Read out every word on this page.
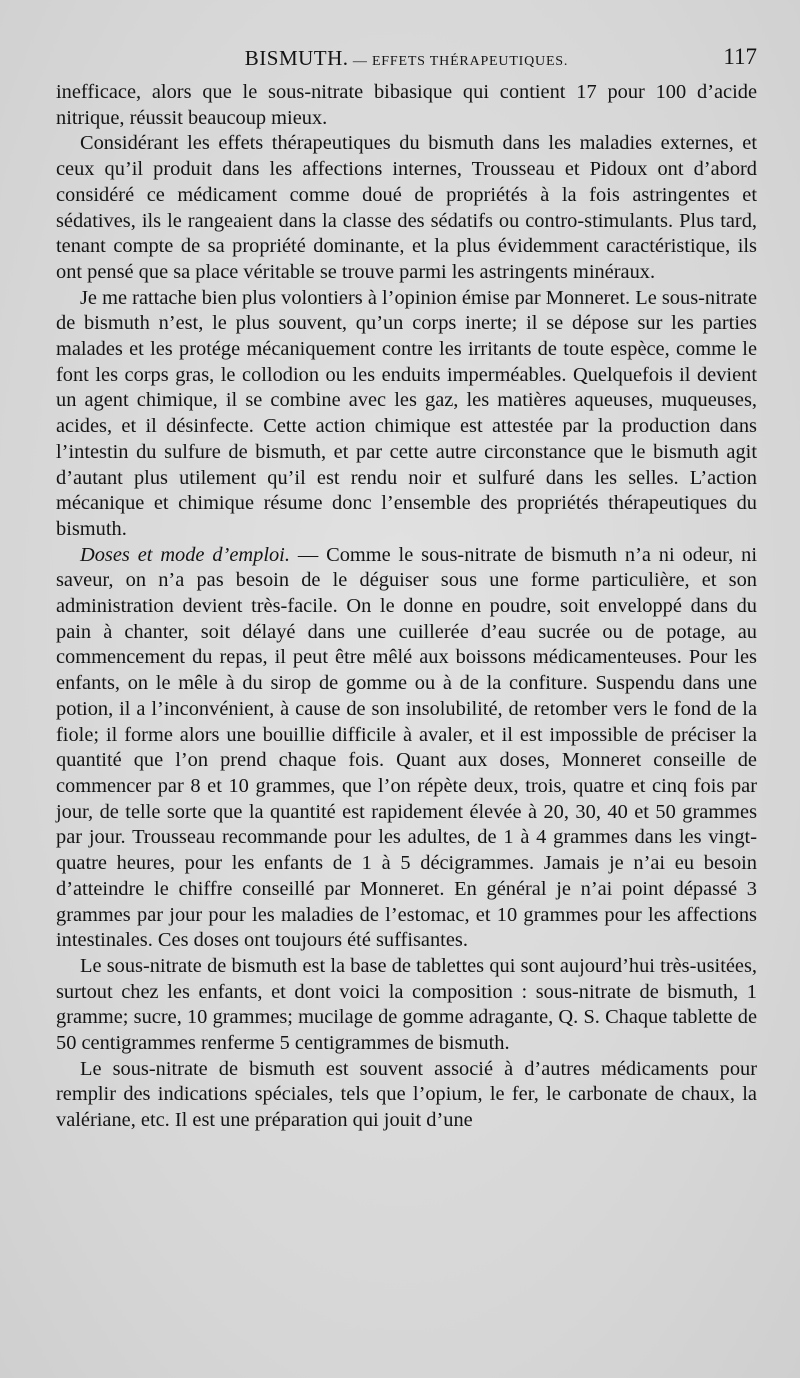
BISMUTH. — EFFETS THÉRAPEUTIQUES.	117

inefficace, alors que le sous-nitrate bibasique qui contient 17 pour 100 d’acide nitrique, réussit beaucoup mieux.

Considérant les effets thérapeutiques du bismuth dans les maladies externes, et ceux qu’il produit dans les affections internes, Trousseau et Pidoux ont d’abord considéré ce médicament comme doué de propriétés à la fois astringentes et sédatives, ils le rangeaient dans la classe des sédatifs ou contro-stimulants. Plus tard, tenant compte de sa propriété dominante, et la plus évidemment caractéristique, ils ont pensé que sa place véritable se trouve parmi les astringents minéraux.

Je me rattache bien plus volontiers à l’opinion émise par Monneret. Le sous-nitrate de bismuth n’est, le plus souvent, qu’un corps inerte; il se dépose sur les parties malades et les protége mécaniquement contre les irritants de toute espèce, comme le font les corps gras, le collodion ou les enduits imperméables. Quelquefois il devient un agent chimique, il se combine avec les gaz, les matières aqueuses, muqueuses, acides, et il désinfecte. Cette action chimique est attestée par la production dans l’intestin du sulfure de bismuth, et par cette autre circonstance que le bismuth agit d’autant plus utilement qu’il est rendu noir et sulfuré dans les selles. L’action mécanique et chimique résume donc l’ensemble des propriétés thérapeutiques du bismuth.

Doses et mode d’emploi. — Comme le sous-nitrate de bismuth n’a ni odeur, ni saveur, on n’a pas besoin de le déguiser sous une forme particulière, et son administration devient très-facile. On le donne en poudre, soit enveloppé dans du pain à chanter, soit délayé dans une cuillerée d’eau sucrée ou de potage, au commencement du repas, il peut être mêlé aux boissons médicamenteuses. Pour les enfants, on le mêle à du sirop de gomme ou à de la confiture. Suspendu dans une potion, il a l’inconvénient, à cause de son insolubilité, de retomber vers le fond de la fiole; il forme alors une bouillie difficile à avaler, et il est impossible de préciser la quantité que l’on prend chaque fois. Quant aux doses, Monneret conseille de commencer par 8 et 10 grammes, que l’on répète deux, trois, quatre et cinq fois par jour, de telle sorte que la quantité est rapidement élevée à 20, 30, 40 et 50 grammes par jour. Trousseau recommande pour les adultes, de 1 à 4 grammes dans les vingt-quatre heures, pour les enfants de 1 à 5 décigrammes. Jamais je n’ai eu besoin d’atteindre le chiffre conseillé par Monneret. En général je n’ai point dépassé 3 grammes par jour pour les maladies de l’estomac, et 10 grammes pour les affections intestinales. Ces doses ont toujours été suffisantes.

Le sous-nitrate de bismuth est la base de tablettes qui sont aujourd’hui très-usitées, surtout chez les enfants, et dont voici la composition : sous-nitrate de bismuth, 1 gramme; sucre, 10 grammes; mucilage de gomme adragante, Q. S. Chaque tablette de 50 centigrammes renferme 5 centigrammes de bismuth.

Le sous-nitrate de bismuth est souvent associé à d’autres médicaments pour remplir des indications spéciales, tels que l’opium, le fer, le carbonate de chaux, la valériane, etc. Il est une préparation qui jouit d’une
